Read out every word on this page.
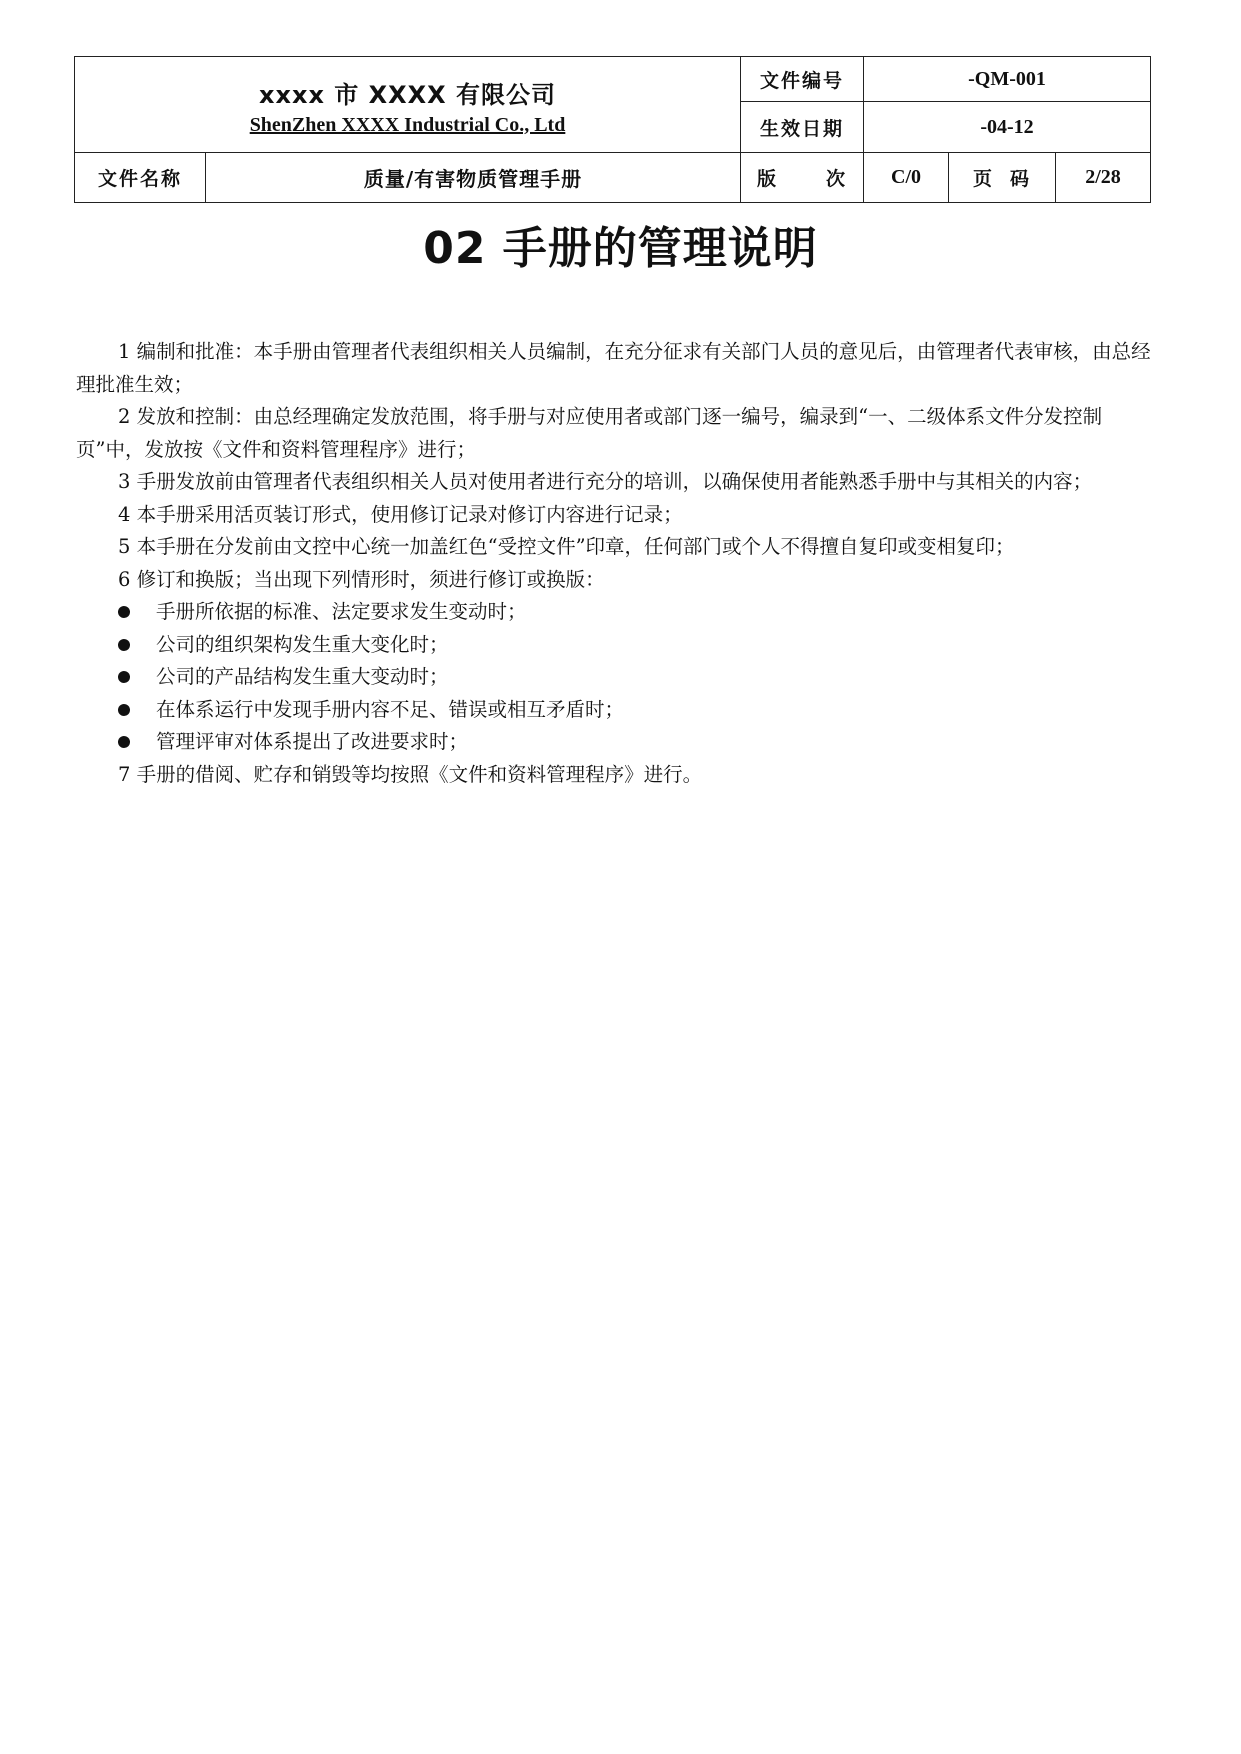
xxxx 市 XXXX 有限公司
ShenZhen XXXX Industrial Co., Ltd		文件编号	-QM-001		
		生效日期	-04-12		
文件名称	质量/有害物质管理手册	版 次	C/0	页 码	2/28
02 手册的管理说明

1 编制和批准：本手册由管理者代表组织相关人员编制，在充分征求有关部门人员的意见后，由管理者代表审核，由总经理批准生效；

2 发放和控制：由总经理确定发放范围，将手册与对应使用者或部门逐一编号，编录到“一、二级体系文件分发控制页”中，发放按《文件和资料管理程序》进行；

3 手册发放前由管理者代表组织相关人员对使用者进行充分的培训，以确保使用者能熟悉手册中与其相关的内容；

4 本手册采用活页装订形式，使用修订记录对修订内容进行记录；

5 本手册在分发前由文控中心统一加盖红色“受控文件”印章，任何部门或个人不得擅自复印或变相复印；

6 修订和换版；当出现下列情形时，须进行修订或换版：

手册所依据的标准、法定要求发生变动时；
公司的组织架构发生重大变化时；
公司的产品结构发生重大变动时；
在体系运行中发现手册内容不足、错误或相互矛盾时；
管理评审对体系提出了改进要求时；

7 手册的借阅、贮存和销毁等均按照《文件和资料管理程序》进行。
